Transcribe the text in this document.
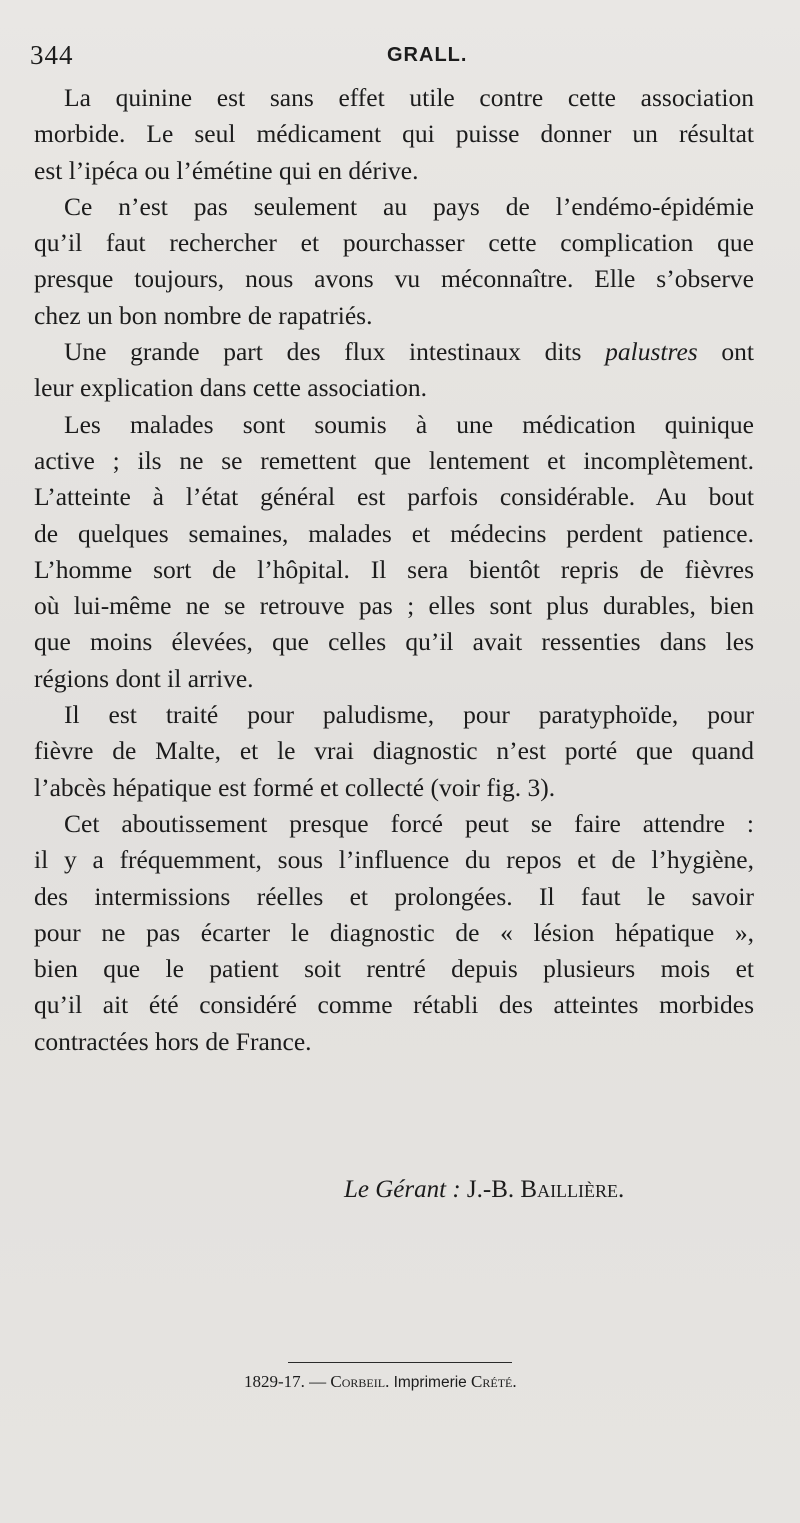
344	GRALL.
La quinine est sans effet utile contre cette association
morbide. Le seul médicament qui puisse donner un résultat
est l’ipéca ou l’émétine qui en dérive.
Ce n’est pas seulement au pays de l’endémo-épidémie
qu’il faut rechercher et pourchasser cette complication que
presque toujours, nous avons vu méconnaître. Elle s’observe
chez un bon nombre de rapatriés.
Une grande part des flux intestinaux dits palustres ont
leur explication dans cette association.
Les malades sont soumis à une médication quinique
active ; ils ne se remettent que lentement et incomplètement.
L’atteinte à l’état général est parfois considérable. Au bout
de quelques semaines, malades et médecins perdent patience.
L’homme sort de l’hôpital. Il sera bientôt repris de fièvres
où lui-même ne se retrouve pas ; elles sont plus durables, bien
que moins élevées, que celles qu’il avait ressenties dans les
régions dont il arrive.
Il est traité pour paludisme, pour paratyphoïde, pour
fièvre de Malte, et le vrai diagnostic n’est porté que quand
l’abcès hépatique est formé et collecté (voir fig. 3).
Cet aboutissement presque forcé peut se faire attendre :
il y a fréquemment, sous l’influence du repos et de l’hygiène,
des intermissions réelles et prolongées. Il faut le savoir
pour ne pas écarter le diagnostic de « lésion hépatique »,
bien que le patient soit rentré depuis plusieurs mois et
qu’il ait été considéré comme rétabli des atteintes morbides
contractées hors de France.
Le Gérant : J.-B. Baillière.
1829-17. — Corbeil. Imprimerie Crété.
